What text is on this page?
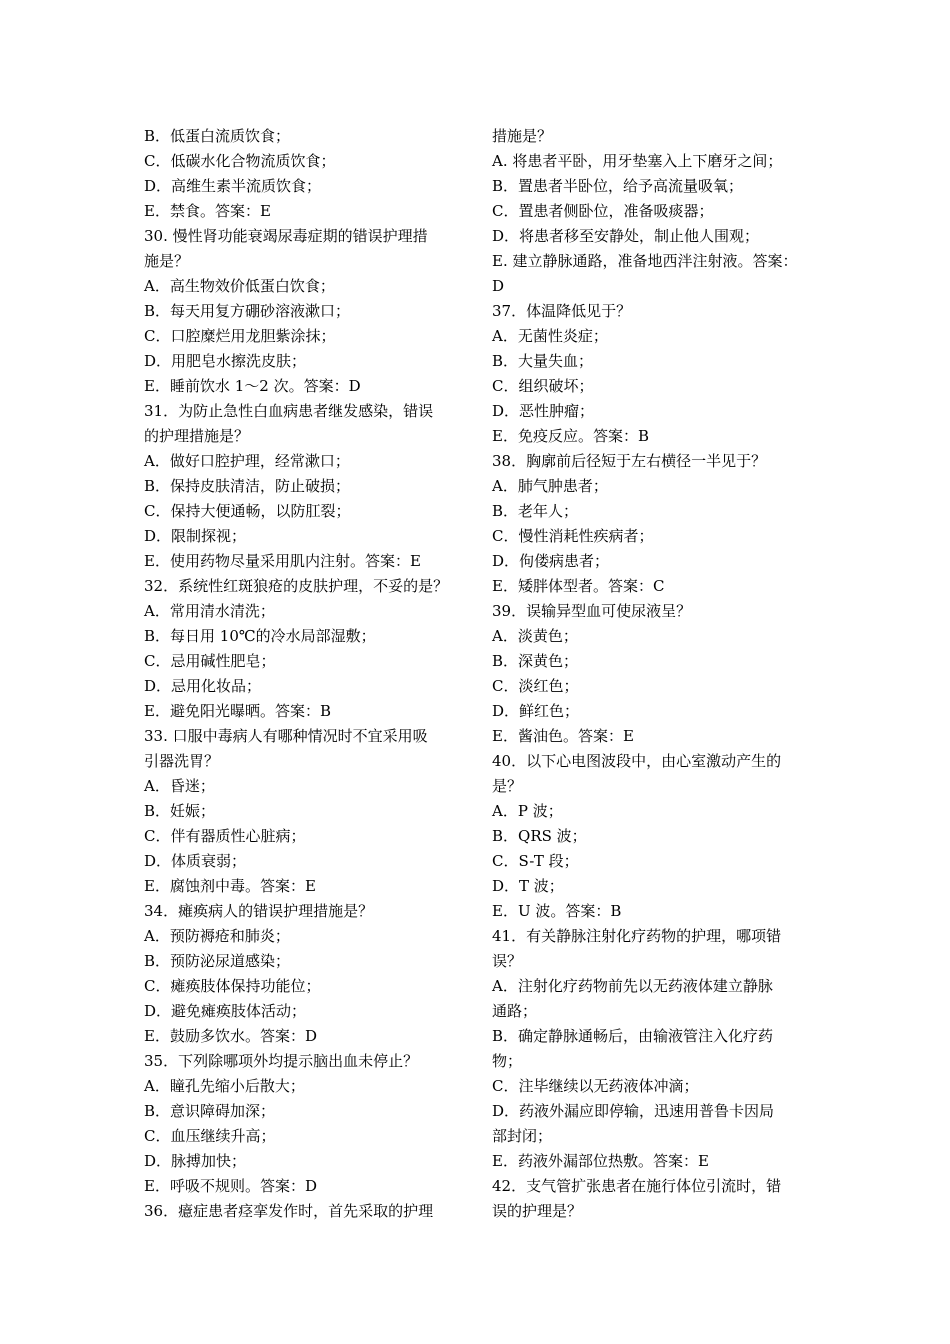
B．低蛋白流质饮食；
C．低碳水化合物流质饮食；
D．高维生素半流质饮食；
E．禁食。答案：E
30. 慢性肾功能衰竭尿毒症期的错误护理措
施是？
A．高生物效价低蛋白饮食；
B．每天用复方硼砂溶液漱口；
C．口腔糜烂用龙胆紫涂抹；
D．用肥皂水擦洗皮肤；
E．睡前饮水 1～2 次。答案：D
31．为防止急性白血病患者继发感染，错误
的护理措施是？
A．做好口腔护理，经常漱口；
B．保持皮肤清洁，防止破损；
C．保持大便通畅，以防肛裂；
D．限制探视；
E．使用药物尽量采用肌内注射。答案：E
32．系统性红斑狼疮的皮肤护理，不妥的是？
A．常用清水清洗；
B．每日用 10℃的冷水局部湿敷；
C．忌用碱性肥皂；
D．忌用化妆品；
E．避免阳光曝晒。答案：B
33. 口服中毒病人有哪种情况时不宜采用吸
引器洗胃？
A．昏迷；
B．妊娠；
C．伴有器质性心脏病；
D．体质衰弱；
E．腐蚀剂中毒。答案：E
34．瘫痪病人的错误护理措施是？
A．预防褥疮和肺炎；
B．预防泌尿道感染；
C．瘫痪肢体保持功能位；
D．避免瘫痪肢体活动；
E．鼓励多饮水。答案：D
35．下列除哪项外均提示脑出血未停止？
A．瞳孔先缩小后散大；
B．意识障碍加深；
C．血压继续升高；
D．脉搏加快；
E．呼吸不规则。答案：D
36．癔症患者痉挛发作时，首先采取的护理
措施是？
A. 将患者平卧，用牙垫塞入上下磨牙之间；
B．置患者半卧位，给予高流量吸氧；
C．置患者侧卧位，准备吸痰器；
D．将患者移至安静处，制止他人围观；
E. 建立静脉通路，准备地西泮注射液。答案：
D
37．体温降低见于？
A．无菌性炎症；
B．大量失血；
C．组织破坏；
D．恶性肿瘤；
E．免疫反应。答案：B
38．胸廓前后径短于左右横径一半见于？
A．肺气肿患者；
B．老年人；
C．慢性消耗性疾病者；
D．佝偻病患者；
E．矮胖体型者。答案：C
39．误输异型血可使尿液呈？
A．淡黄色；
B．深黄色；
C．淡红色；
D．鲜红色；
E．酱油色。答案：E
40．以下心电图波段中，由心室激动产生的
是？
A．P 波；
B．QRS 波；
C．S-T 段；
D．T 波；
E．U 波。答案：B
41．有关静脉注射化疗药物的护理，哪项错
误？
A．注射化疗药物前先以无药液体建立静脉
通路；
B．确定静脉通畅后，由输液管注入化疗药
物；
C．注毕继续以无药液体冲滴；
D．药液外漏应即停输，迅速用普鲁卡因局
部封闭；
E．药液外漏部位热敷。答案：E
42．支气管扩张患者在施行体位引流时，错
误的护理是？
